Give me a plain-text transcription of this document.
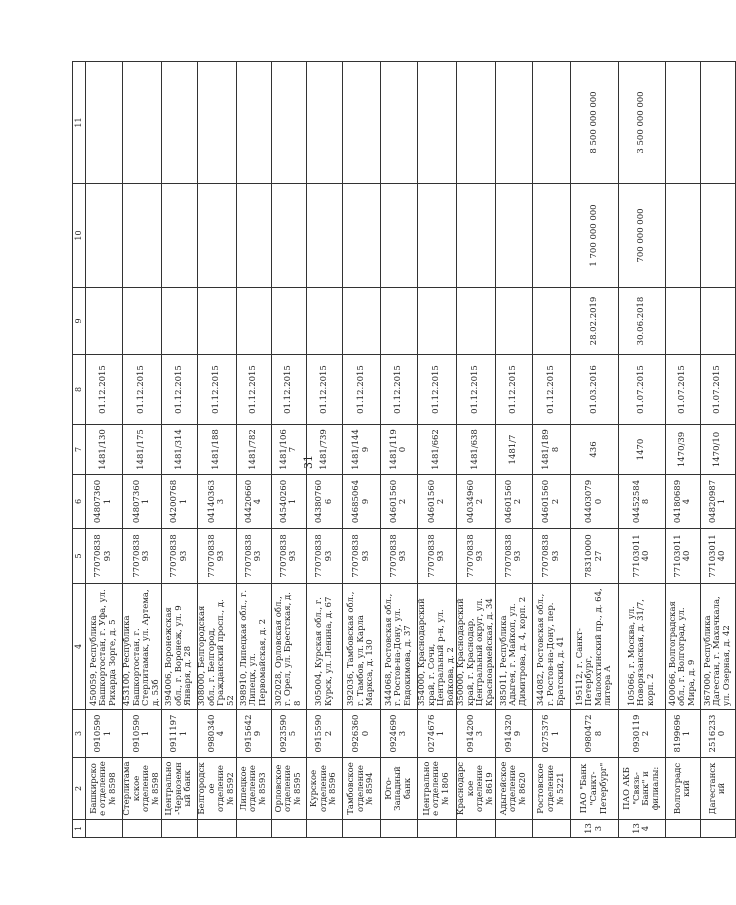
31
1	2	3	4	5	6	7	8	9	10	11
	Башкирское отделение № 8598	09105901	450059, Республика Башкортостан, г. Уфа, ул. Рихарда Зорге, д. 5	7707083893	048073601	1481/130	01.12.2015			
	Стерлитамакское отделение № 8598	09105901	453100, Республика Башкортостан, г. Стерлитамак, ул. Артема, д. 53б	7707083893	048073601	1481/175	01.12.2015			
	Центрально-Черноземный банк	09111971	394006, Воронежская обл., г. Воронеж, ул. 9 Января, д. 28	7707083893	042007681	1481/314	01.12.2015			
	Белгородское отделение № 8592	09803404	308000, Белгородская обл., г. Белгород, Гражданский просп., д. 52	7707083893	041403633	1481/188	01.12.2015			
	Липецкое отделение № 8593	09156429	398910, Липецкая обл., г. Липецк, ул. Первомайская, д. 2	7707083893	044206604	1481/782	01.12.2015			
	Орловское отделение № 8595	09235905	302028, Орловская обл., г. Орел, ул. Брестская, д. 8	7707083893	045402601	1481/1067	01.12.2015			
	Курское отделение № 8596	09155902	305004, Курская обл., г. Курск, ул. Ленина, д. 67	7707083893	043807606	1481/739	01.12.2015			
	Тамбовское отделение № 8594	09263600	392036, Тамбовская обл., г. Тамбов, ул. Карла Маркса, д. 130	7707083893	046850649	1481/1449	01.12.2015			
	Юго-Западный банк	09246903	344068, Ростовская обл., г. Ростов-на-Дону, ул. Евдокимова, д. 37	7707083893	046015602	1481/1190	01.12.2015			
	Центральное отделение № 1806	02746761	354000, Краснодарский край, г. Сочи, Центральный р-н, ул. Войкова, д. 2	7707083893	046015602	1481/662	01.12.2015			
	Краснодарское отделение № 8619	09142003	350000, Краснодарский край, г. Краснодар, Центральный округ, ул. Красноармейская, д. 34	7707083893	040349602	1481/638	01.12.2015			
	Адыгейское отделение № 8620	09143209	385011, Республика Адыгея, г. Майкоп, ул. Димитрова, д. 4, корп. 2	7707083893	046015602	1481/7	01.12.2015			
	Ростовское отделение № 5221	02753761	344082, Ростовская обл., г. Ростов-на-Дону, пер. Братский, д. 41	7707083893	046015602	1481/1898	01.12.2015			
133	ПАО "Банк "Санкт-Петербург"	09804728	195112, г. Санкт-Петербург, Малоохтинский пр., д. 64, литера А	7831000027	044030790	436	01.03.2016	28.02.2019	1 700 000 000	8 500 000 000
134	ПАО АКБ "Связь-Банк" и филиалы:	09301192	105066, г. Москва, ул. Новорязанская, д. 31/7, корп. 2	7710301140	044525848	1470	01.07.2015	30.06.2018	700 000 000	3 500 000 000
	Волгоградский	81996961	400066, Волгоградская обл., г. Волгоград, ул. Мира, д. 9	7710301140	041806894	1470/39	01.07.2015			
	Дагестанский	25162330	367000, Республика Дагестан, г. Махачкала, ул. Озерная, д. 42	7710301140	048209871	1470/10	01.07.2015			
